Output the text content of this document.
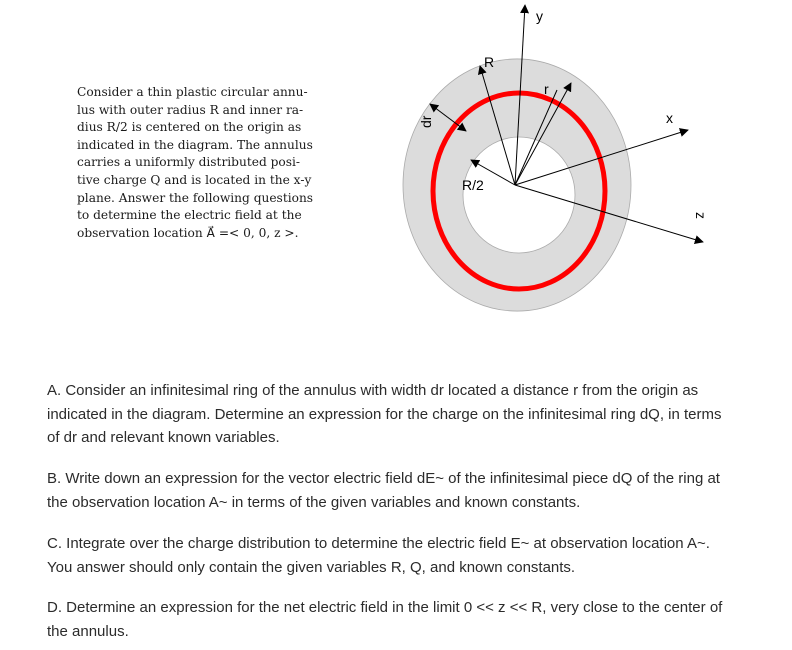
Consider a thin plastic circular annu-
lus with outer radius R and inner ra-
dius R/2 is centered on the origin as
indicated in the diagram. The annulus
carries a uniformly distributed posi-
tive charge Q and is located in the x-y
plane. Answer the following questions
to determine the electric field at the
observation location A⃗ =< 0, 0, z >.
y
x
z
R
r
dr
R/2
A. Consider an infinitesimal ring of the annulus with width dr located a distance r from the origin as
indicated in the diagram. Determine an expression for the charge on the infinitesimal ring dQ, in terms
of dr and relevant known variables.
B. Write down an expression for the vector electric field dE~ of the infinitesimal piece dQ of the ring at
the observation location A~ in terms of the given variables and known constants.
C. Integrate over the charge distribution to determine the electric field E~ at observation location A~.
You answer should only contain the given variables R, Q, and known constants.
D. Determine an expression for the net electric field in the limit 0 << z << R, very close to the center of
the annulus.
